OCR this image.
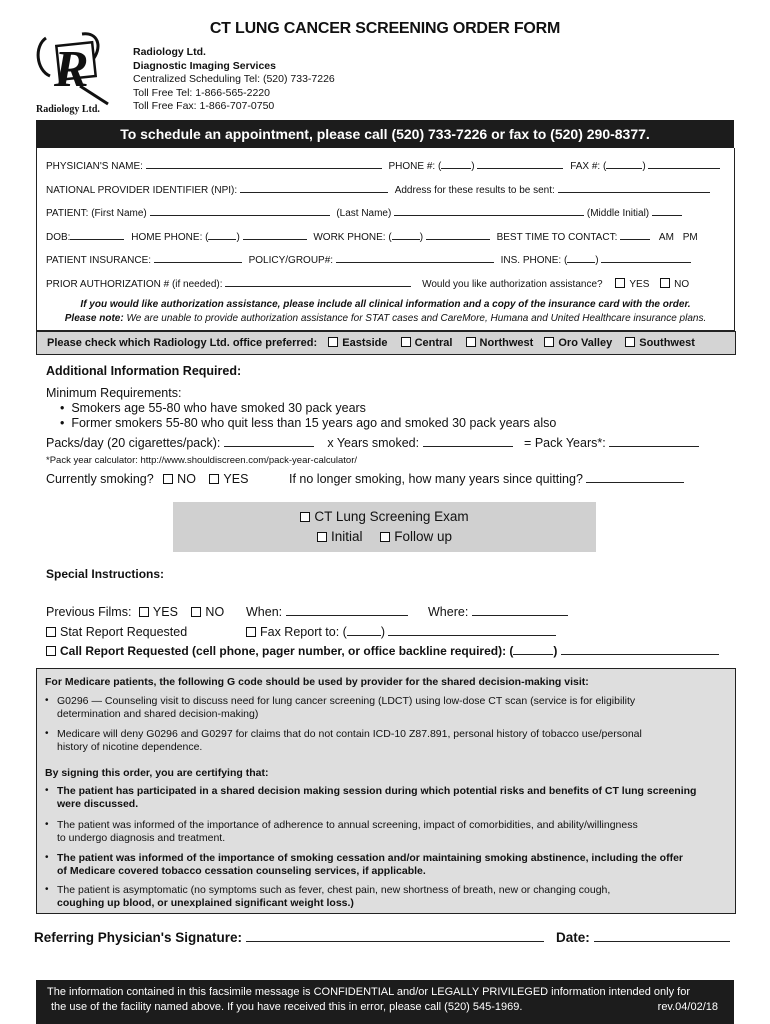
CT LUNG CANCER SCREENING ORDER FORM
R
Radiology Ltd.
Radiology Ltd.
Diagnostic Imaging Services
Centralized Scheduling Tel: (520) 733-7226
Toll Free Tel: 1-866-565-2220
Toll Free Fax: 1-866-707-0750
To schedule an appointment, please call (520) 733-7226 or fax to (520) 290-8377.
PHYSICIAN'S NAME:	PHONE #: (	)	FAX #: (	)
NATIONAL PROVIDER IDENTIFIER (NPI):	Address for these results to be sent:
PATIENT: (First Name)	(Last Name)	(Middle Initial)
DOB:	HOME PHONE: (	)	WORK PHONE: (	)	BEST TIME TO CONTACT:	AM PM
PATIENT INSURANCE:	POLICY/GROUP#:	INS. PHONE: (	)
PRIOR AUTHORIZATION # (if needed):	Would you like authorization assistance?	YES NO
If you would like authorization assistance, please include all clinical information and a copy of the insurance card with the order.
Please note: We are unable to provide authorization assistance for STAT cases and CareMore, Humana and United Healthcare insurance plans.
Please check which Radiology Ltd. office preferred: Eastside Central Northwest Oro Valley Southwest
Additional Information Required:
Minimum Requirements:
•  Smokers age 55-80 who have smoked 30 pack years
•  Former smokers 55-80 who quit less than 15 years ago and smoked 30 pack years also
Packs/day (20 cigarettes/pack):	x Years smoked:	= Pack Years*:
*Pack year calculator: http://www.shouldiscreen.com/pack-year-calculator/
Currently smoking? NO YES	If no longer smoking, how many years since quitting?
CT Lung Screening Exam
Initial Follow up
Special Instructions:
Previous Films: YES NO When:	Where:
Stat Report Requested	Fax Report to: (	)
Call Report Requested (cell phone, pager number, or office backline required): (	)
For Medicare patients, the following G code should be used by provider for the shared decision-making visit:
• G0296 — Counseling visit to discuss need for lung cancer screening (LDCT) using low-dose CT scan (service is for eligibility
determination and shared decision-making)
• Medicare will deny G0296 and G0297 for claims that do not contain ICD-10 Z87.891, personal history of tobacco use/personal
history of nicotine dependence.
By signing this order, you are certifying that:
• The patient has participated in a shared decision making session during which potential risks and benefits of CT lung screening
were discussed.
• The patient was informed of the importance of adherence to annual screening, impact of comorbidities, and ability/willingness
to undergo diagnosis and treatment.
• The patient was informed of the importance of smoking cessation and/or maintaining smoking abstinence, including the offer
of Medicare covered tobacco cessation counseling services, if applicable.
• The patient is asymptomatic (no symptoms such as fever, chest pain, new shortness of breath, new or changing cough,
coughing up blood, or unexplained significant weight loss.)
Referring Physician's Signature:	Date:
The information contained in this facsimile message is CONFIDENTIAL and/or LEGALLY PRIVILEGED information intended only for
the use of the facility named above. If you have received this in error, please call (520) 545-1969.	rev.04/02/18
